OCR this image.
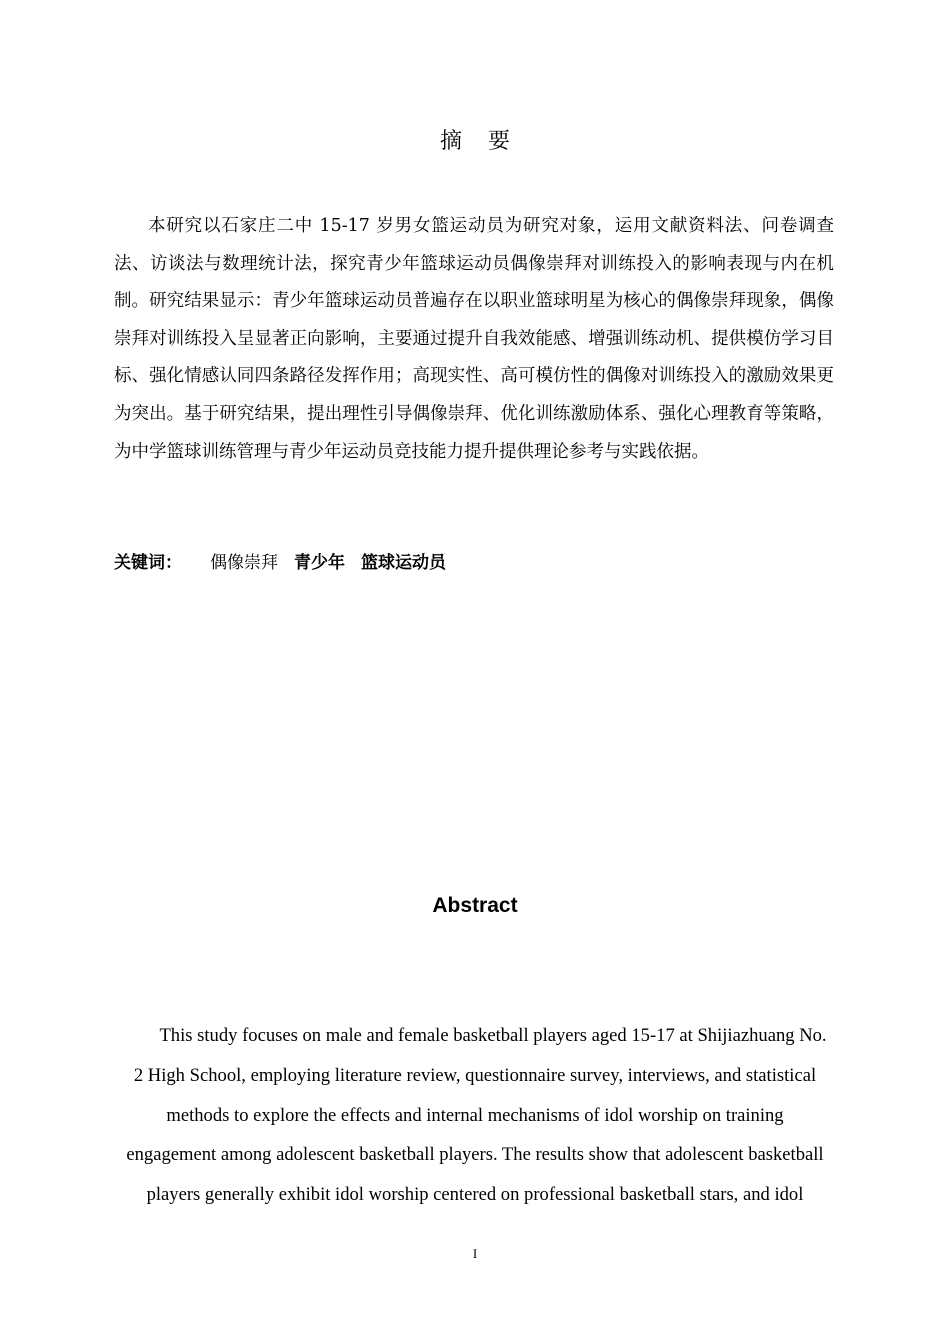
摘要

本研究以石家庄二中 15-17 岁男女篮运动员为研究对象，运用文献资料法、问卷调查法、访谈法与数理统计法，探究青少年篮球运动员偶像崇拜对训练投入的影响表现与内在机制。研究结果显示：青少年篮球运动员普遍存在以职业篮球明星为核心的偶像崇拜现象，偶像崇拜对训练投入呈显著正向影响，主要通过提升自我效能感、增强训练动机、提供模仿学习目标、强化情感认同四条路径发挥作用；高现实性、高可模仿性的偶像对训练投入的激励效果更为突出。基于研究结果，提出理性引导偶像崇拜、优化训练激励体系、强化心理教育等策略，为中学篮球训练管理与青少年运动员竞技能力提升提供理论参考与实践依据。

关键词： 偶像崇拜 青少年 篮球运动员
Abstract

This study focuses on male and female basketball players aged 15-17 at Shijiazhuang No.
2 High School, employing literature review, questionnaire survey, interviews, and statistical
methods to explore the effects and internal mechanisms of idol worship on training
engagement among adolescent basketball players. The results show that adolescent basketball
players generally exhibit idol worship centered on professional basketball stars, and idol

I
